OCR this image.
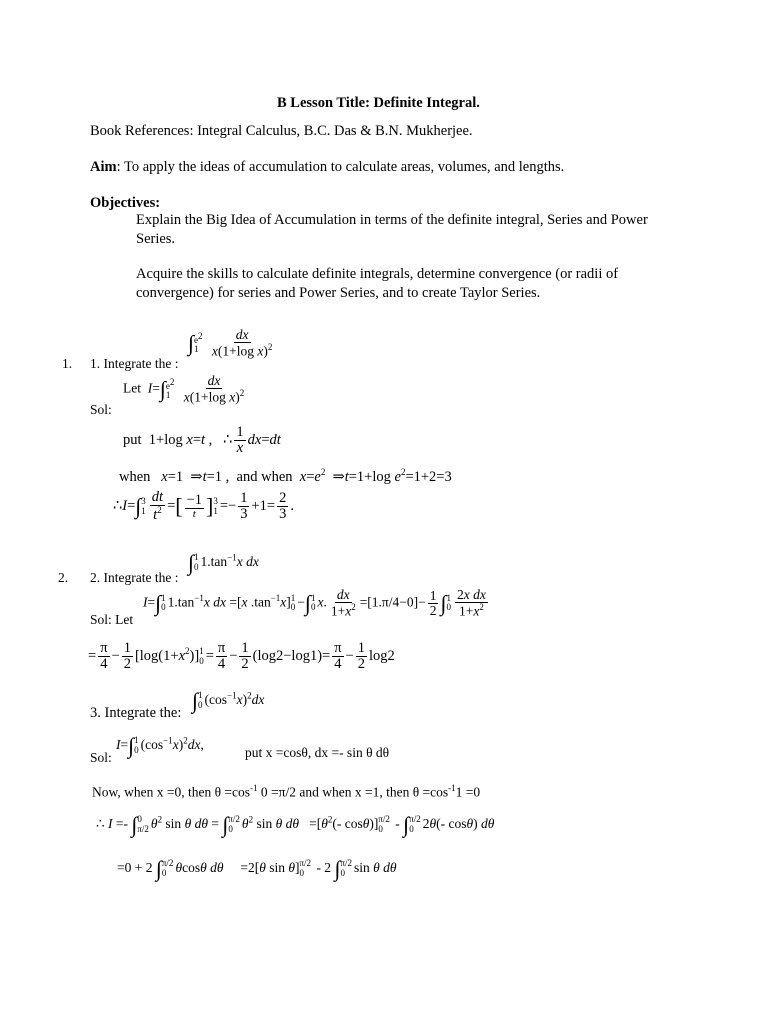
B Lesson Title: Definite Integral.
Book References: Integral Calculus, B.C. Das & B.N. Mukherjee.
Aim: To apply the ideas of accumulation to calculate areas, volumes, and lengths.
Objectives:
Explain the Big Idea of Accumulation in terms of the definite integral, Series and Power
Series.
Acquire the skills to calculate definite integrals, determine convergence (or radii of
convergence) for series and Power Series, and to create Taylor Series.
1. 1. Integrate the :
∫ $e^2$
1
$\frac{dx}{x(1+\log x)^2}$
Sol:
Let I=∫ $e^2$
1
$\frac{dx}{x(1+\log x)^2}$
put  1+log x=t ,   ∴ $\frac{1}{x} dx=dt$
when x=1  ⇒t=1 ,  and when $x=e^2$  ⇒t=1+log $e^2=1+2=3$
∴I=∫ 3
$1 \frac{dt}{t^2}$ =[ $\frac{-1}{t}$ ] 3
$1 =- \frac{1}{3} +1= \frac{2}{3}$ .
2. 2. Integrate the :
∫ 1
0 $1.\tan^{-1}x$ dx
Sol: Let
I=∫ 1
0 $1.\tan^{-1}x$ dx =[x $.\tan^{-1}x$] 1
0 −∫ 1
0 x. $\frac{dx}{1+x^2} =[1.\pi/4-0]- \frac{1}{2}$ ∫ 1
$0 \frac{\text{2x dx}}{1+x^2}$
= $\frac{\pi}{4} - \frac{1}{2} [\log(1+x^2)]$ 1
$0 = \frac{\pi}{4} - \frac{1}{2} (\log 2-\log 1)= \frac{\pi}{4} - \frac{1}{2} \log 2$
3. Integrate the: ∫ 1
0 $(\cos^{-1}x)^2dx$
Sol:
I=∫ 1
0 $(\cos^{-1}x)^2dx$,
put x =cosθ, dx =- sin θ dθ
Now, when x =0, then $\theta =\cos^{-1}$ 0 =π/2 and when x =1, then $\theta =\cos^{-1}1 =0$
∴ I =- ∫ 0
π/2 $\theta^2$ sin θ dθ = ∫ π/2
0 $\theta^2$ sin θ $d\theta =[\theta^2(-$ cosθ)] π/2
0 - ∫ π/2
0 2θ(- cosθ) dθ
=0 + 2 ∫ π/2
0 θcosθ dθ     =2[θ sin θ] π/2
0 - 2 ∫ π/2
0 sin θ dθ
